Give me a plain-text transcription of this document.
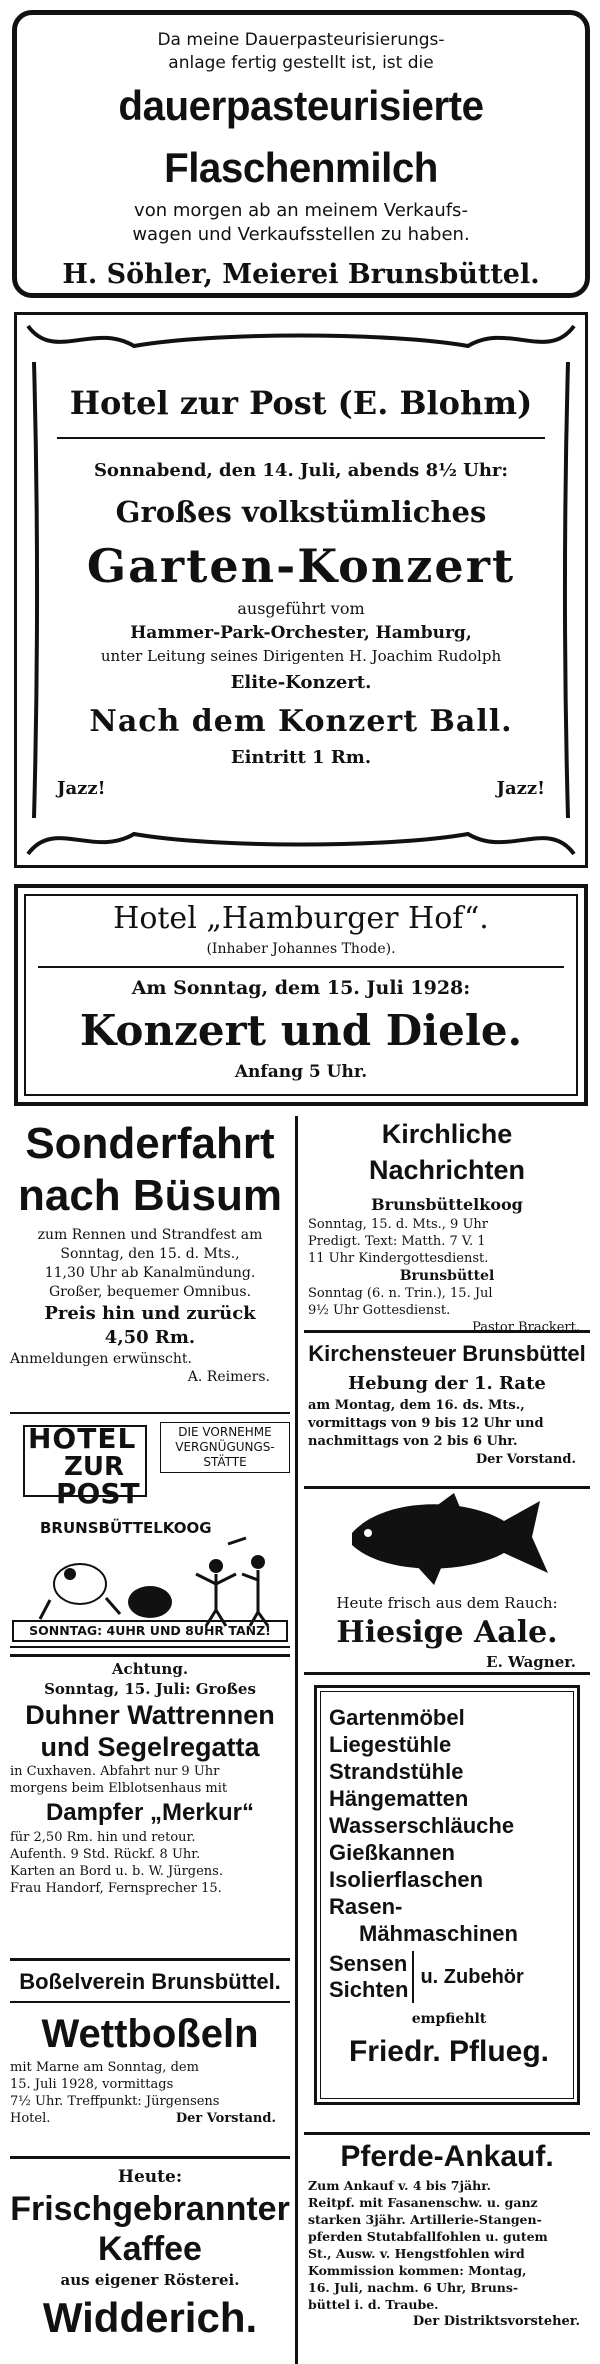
Da meine Dauerpasteurisierungs-
anlage fertig gestellt ist, ist die
dauerpasteurisierte Flaschenmilch
von morgen ab an meinem Verkaufs-
wagen und Verkaufsstellen zu haben.
H. Söhler, Meierei Brunsbüttel.
Hotel zur Post (E. Blohm)
Sonnabend, den 14. Juli, abends 8½ Uhr:
Großes volkstümliches
Garten-Konzert
ausgeführt vom
Hammer-Park-Orchester, Hamburg,
unter Leitung seines Dirigenten H. Joachim Rudolph
Elite-Konzert.
Nach dem Konzert Ball.
Eintritt 1 Rm.
Jazz!	Jazz!
Hotel „Hamburger Hof“.
(Inhaber Johannes Thode).
Am Sonntag, dem 15. Juli 1928:
Konzert und Diele.
Anfang 5 Uhr.
Sonderfahrt
nach Büsum
zum Rennen und Strandfest am
Sonntag, den 15. d. Mts.,
11,30 Uhr ab Kanalmündung.
Großer, bequemer Omnibus.
Preis hin und zurück
4,50 Rm.
Anmeldungen erwünscht.
A. Reimers.
Kirchliche Nachrichten
Brunsbüttelkoog
Sonntag, 15. d. Mts., 9 Uhr
Predigt. Text: Matth. 7 V. 1
11 Uhr Kindergottesdienst.
Brunsbüttel
Sonntag (6. n. Trin.), 15. Jul
9½ Uhr Gottesdienst.
Pastor Brackert.
Kirchensteuer Brunsbüttel
Hebung der 1. Rate
am Montag, dem 16. ds. Mts.,
vormittags von 9 bis 12 Uhr und
nachmittags von 2 bis 6 Uhr.
Der Vorstand.
HOTEL
ZUR
POST
BRUNSBÜTTELKOOG
DIE VORNEHME
VERGNÜGUNGS-
STÄTTE
SONNTAG: 4UHR UND 8UHR TANZ!
Heute frisch aus dem Rauch:
Hiesige Aale.
E. Wagner.
Achtung.
Sonntag, 15. Juli: Großes
Duhner Wattrennen
und Segelregatta
in Cuxhaven. Abfahrt nur 9 Uhr
morgens beim Elblotsenhaus mit
Dampfer „Merkur“
für 2,50 Rm. hin und retour.
Aufenth. 9 Std. Rückf. 8 Uhr.
Karten an Bord u. b. W. Jürgens.
Frau Handorf, Fernsprecher 15.
Gartenmöbel
Liegestühle
Strandstühle
Hängematten
Wasserschläuche
Gießkannen
Isolierflaschen
Rasen-
Mähmaschinen
Sensen
Sichten
u. Zubehör
empfiehlt
Friedr. Pflueg.
Boßelverein Brunsbüttel.
Wettboßeln
mit Marne am Sonntag, dem
15. Juli 1928, vormittags
7½ Uhr. Treffpunkt: Jürgensens
Hotel.	Der Vorstand.
Heute:
Frischgebrannter
Kaffee
aus eigener Rösterei.
Widderich.
Pferde-Ankauf.
Zum Ankauf v. 4 bis 7jähr.
Reitpf. mit Fasanenschw. u. ganz
starken 3jähr. Artillerie-Stangen-
pferden Stutabfallfohlen u. gutem
St., Ausw. v. Hengstfohlen wird
Kommission kommen: Montag,
16. Juli, nachm. 6 Uhr, Bruns-
büttel i. d. Traube.
Der Distriktsvorsteher.
